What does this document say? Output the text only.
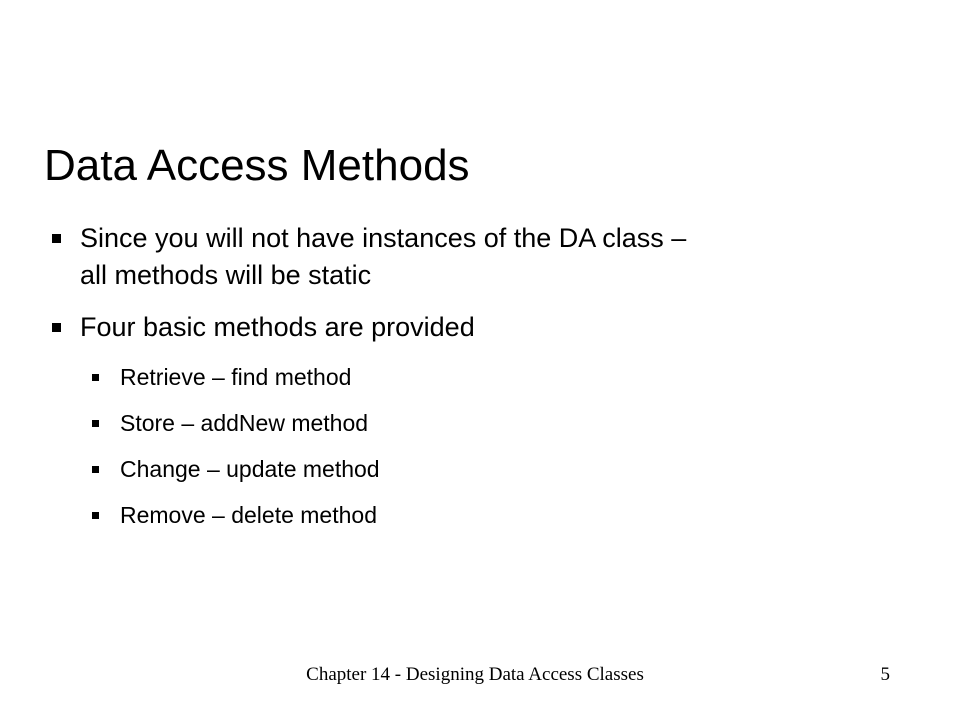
Data Access Methods
Since you will not have instances of the DA class –
all methods will be static
Four basic methods are provided
Retrieve – find method
Store – addNew method
Change – update method
Remove – delete method
Chapter 14 - Designing Data Access Classes	5
